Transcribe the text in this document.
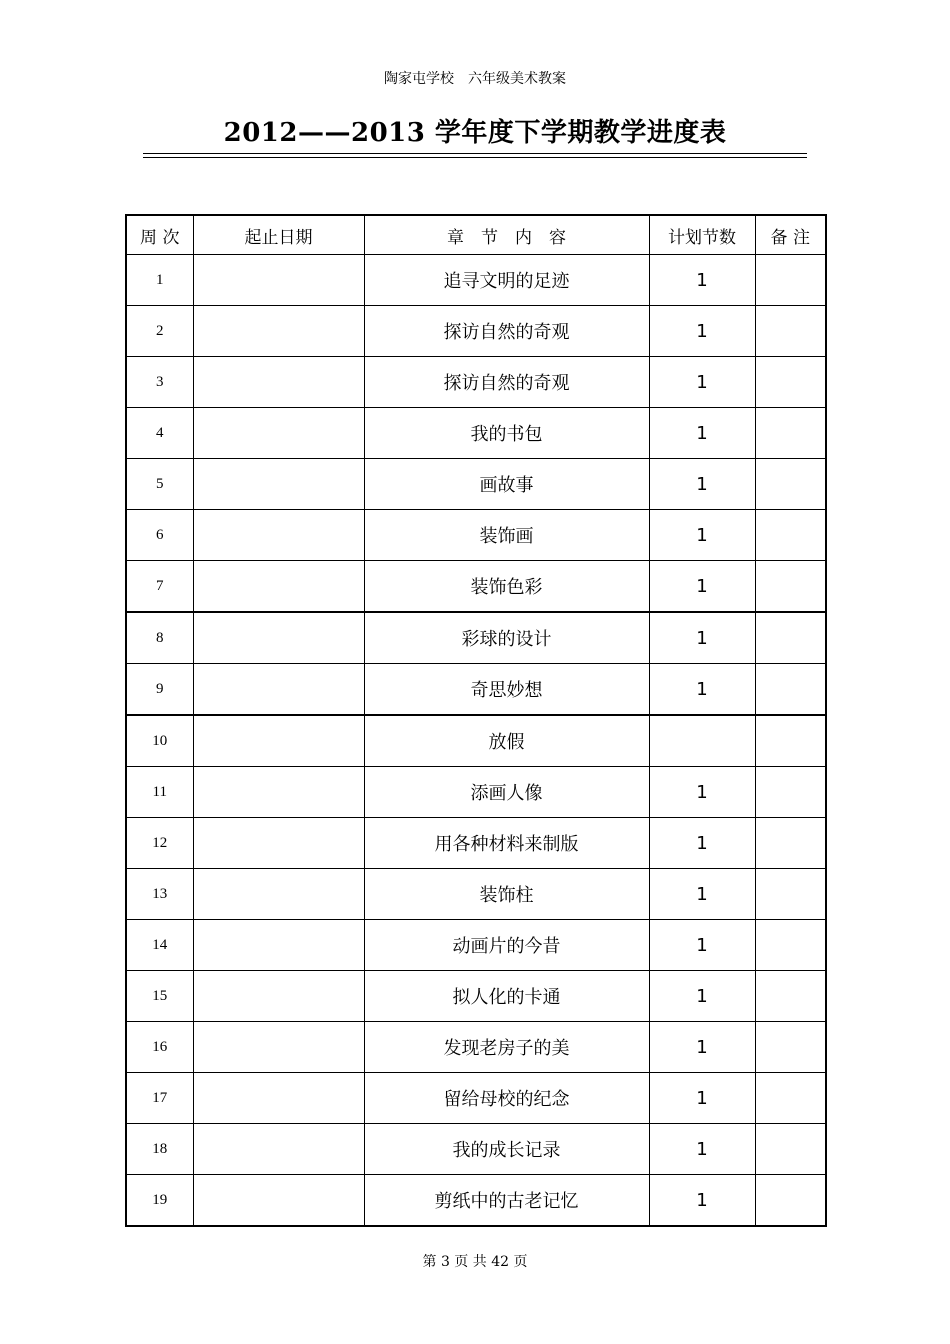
陶家屯学校　六年级美术教案
2012——2013 学年度下学期教学进度表
周 次	起止日期	章　节　内　容	计划节数	备 注
1		追寻文明的足迹	1	
2		探访自然的奇观	1	
3		探访自然的奇观	1	
4		我的书包	1	
5		画故事	1	
6		装饰画	1	
7		装饰色彩	1	
8		彩球的设计	1	
9		奇思妙想	1	
10		放假		
11		添画人像	1	
12		用各种材料来制版	1	
13		装饰柱	1	
14		动画片的今昔	1	
15		拟人化的卡通	1	
16		发现老房子的美	1	
17		留给母校的纪念	1	
18		我的成长记录	1	
19		剪纸中的古老记忆	1	
第 3 页 共 42 页
